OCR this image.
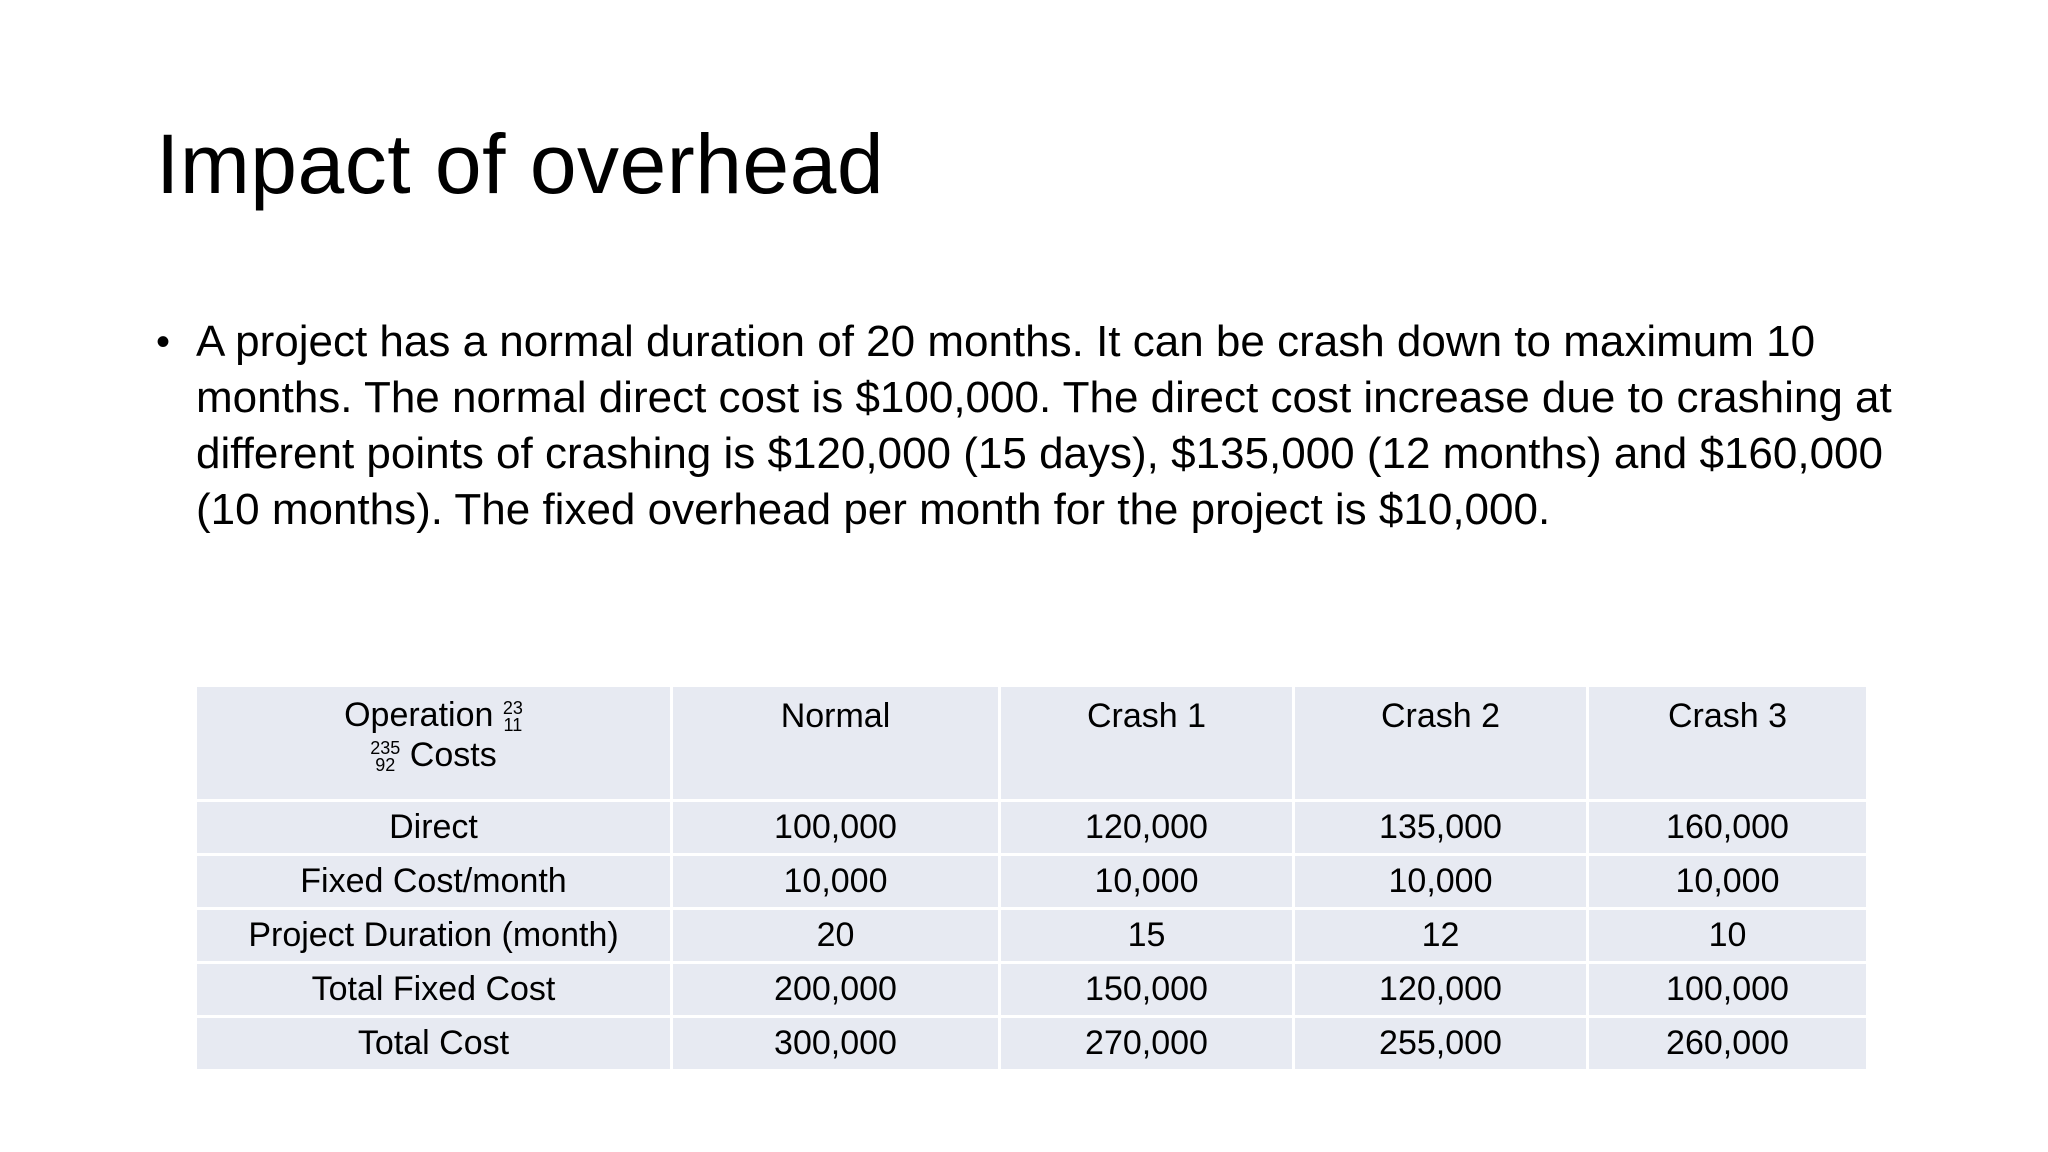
Impact of overhead
• A project has a normal duration of 20 months. It can be crash down to maximum 10 months. The normal direct cost is $100,000. The direct cost increase due to crashing at different points of crashing is $120,000 (15 days), $135,000 (12 months) and $160,000 (10 months). The fixed overhead per month for the project is $10,000.
Operation 23
11
235
92 Costs	Normal	Crash 1	Crash 2	Crash 3
Direct	100,000	120,000	135,000	160,000
Fixed Cost/month	10,000	10,000	10,000	10,000
Project Duration (month)	20	15	12	10
Total Fixed Cost	200,000	150,000	120,000	100,000
Total Cost	300,000	270,000	255,000	260,000
